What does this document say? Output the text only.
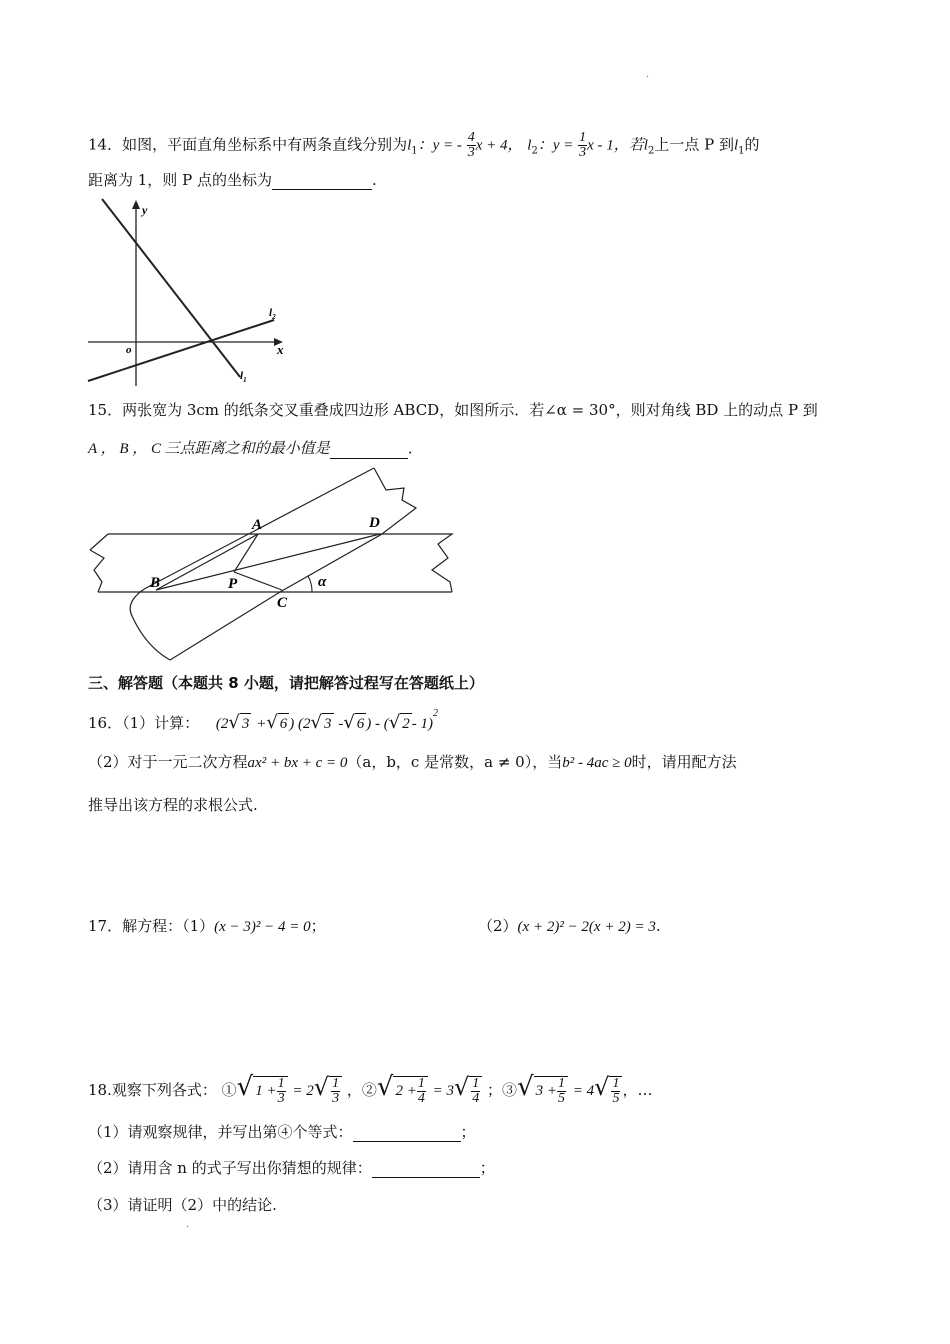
·
14．如图，平面直角坐标系中有两条直线分别为$l_1$：y = - $\frac{4}{3}$ x + 4， $l_2$：$y = \frac{1}{3}$ x - 1，若$l_2$上一点 P 到$l_1$的
距离为 1，则 P 点的坐标为	.
y
x
o
$l_2$
$l_1$
15．两张宽为 3cm 的纸条交叉重叠成四边形 ABCD，如图所示．若∠α = 30°，则对角线 BD 上的动点 P 到
A ， B ， C 三点距离之和的最小值是	．
A
B
C
D
P	α
三、解答题（本题共 8 小题，请把解答过程写在答题纸上）
16．（1）计算： (2√ 3 +√ 6 ) (2√ 3 -√ 6 ) - (√ 2 - 1)$^2$
（2）对于一元二次方程ax² + bx + c = 0（a，b，c 是常数，a ≠ 0），当b² - 4ac ≥ 0时，请用配方法
推导出该方程的求根公式.
17．解方程：（1）(x − 3)² − 4 = 0；	（2）(x + 2)² − 2(x + 2) = 3.
18.观察下列各式： ①√ $1 + \frac{1}{3} = 2√ \frac{1}{3}$ ，②√ $2 + \frac{1}{4} = 3√ \frac{1}{4}$ ；③√ $3 + \frac{1}{5} = 4√ \frac{1}{5}$ ，…
（1）请观察规律，并写出第④个等式：	；
（2）请用含 n 的式子写出你猜想的规律：	；
（3）请证明（2）中的结论.
·
